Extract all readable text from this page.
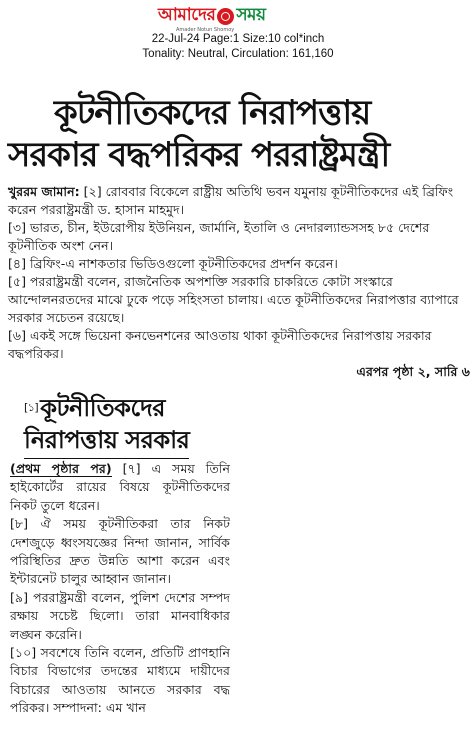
আমাদের সময়
Amader Notun Shomoy
22-Jul-24 Page:1 Size:10 col*inch
Tonality: Neutral, Circulation: 161,160
কূটনীতিকদের নিরাপত্তায়
সরকার বদ্ধপরিকর পররাষ্ট্রমন্ত্রী

খুররম জামান: [২] রোববার বিকেলে রাষ্ট্রীয় অতিথি ভবন যমুনায় কূটনীতিকদের এই ব্রিফিং করেন পররাষ্ট্রমন্ত্রী ড. হাসান মাহমুদ।

[৩] ভারত, চীন, ইউরোপীয় ইউনিয়ন, জার্মানি, ইতালি ও নেদারল্যান্ডসসহ ৮৫ দেশের কূটনীতিক অংশ নেন।

[৪] ব্রিফিং-এ নাশকতার ভিডিওগুলো কূটনীতিকদের প্রদর্শন করেন।

[৫] পররাষ্ট্রমন্ত্রী বলেন, রাজনৈতিক অপশক্তি সরকারি চাকরিতে কোটা সংস্কারে আন্দোলনরতদের মাঝে ঢুকে পড়ে সহিংসতা চালায়। এতে কূটনীতিকদের নিরাপত্তার ব্যাপারে সরকার সচেতন রয়েছে।

[৬] একই সঙ্গে ভিয়েনা কনভেনশনের আওতায় থাকা কূটনীতিকদের নিরাপত্তায় সরকার বদ্ধপরিকর।

এরপর পৃষ্ঠা ২, সারি ৬
[১]কূটনীতিকদের
নিরাপত্তায় সরকার

(প্রথম পৃষ্ঠার পর) [৭] এ সময় তিনি হাইকোর্টের রায়ের বিষয়ে কূটনীতিকদের নিকট তুলে ধরেন।

[৮] ঐ সময় কূটনীতিকরা তার নিকট দেশজুড়ে ধ্বংসযজ্ঞের নিন্দা জানান, সার্বিক পরিস্থিতির দ্রুত উন্নতি আশা করেন এবং ইন্টারনেট চালুর আহ্বান জানান।

[৯] পররাষ্ট্রমন্ত্রী বলেন, পুলিশ দেশের সম্পদ রক্ষায় সচেষ্ট ছিলো। তারা মানবাধিকার লঙ্ঘন করেনি।

[১০] সবশেষে তিনি বলেন, প্রতিটি প্রাণহানি বিচার বিভাগের তদন্তের মাধ্যমে দায়ীদের বিচারের আওতায় আনতে সরকার বদ্ধ পরিকর। সম্পাদনা: এম খান
